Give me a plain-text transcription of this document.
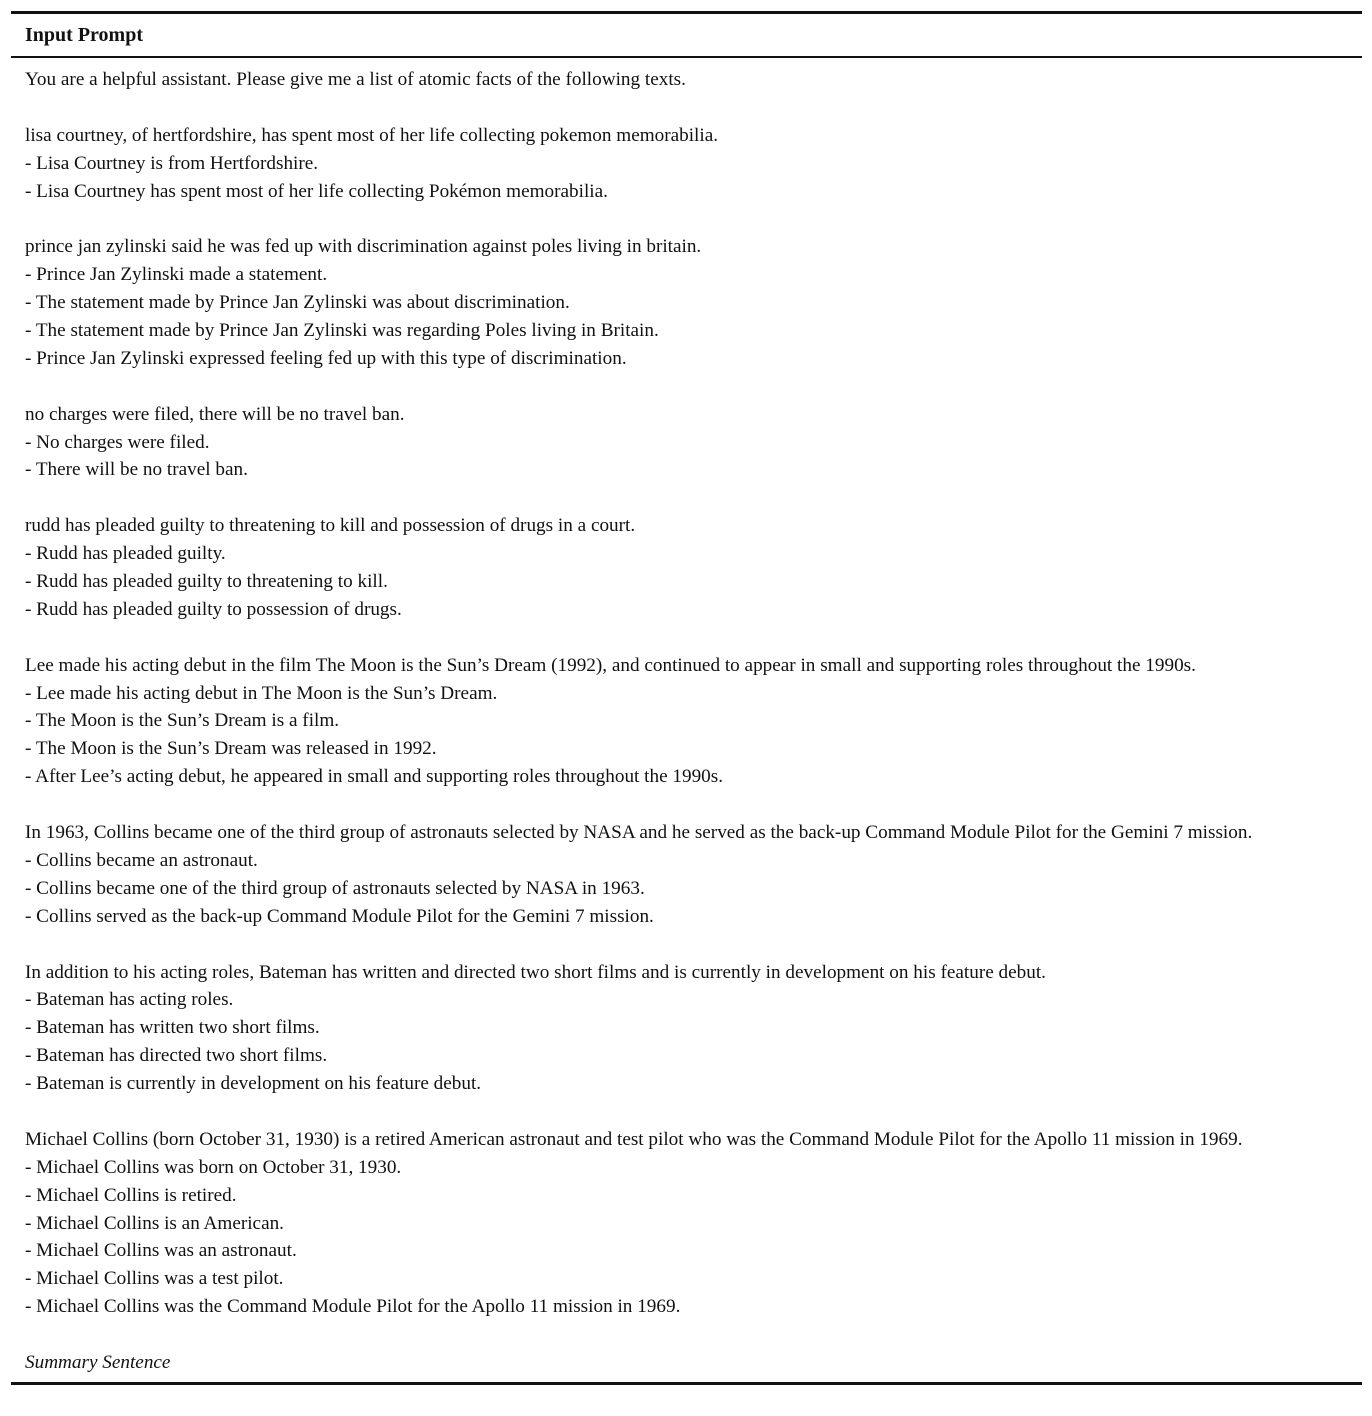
Input Prompt
You are a helpful assistant. Please give me a list of atomic facts of the following texts.
lisa courtney, of hertfordshire, has spent most of her life collecting pokemon memorabilia.
- Lisa Courtney is from Hertfordshire.
- Lisa Courtney has spent most of her life collecting Pokémon memorabilia.
prince jan zylinski said he was fed up with discrimination against poles living in britain.
- Prince Jan Zylinski made a statement.
- The statement made by Prince Jan Zylinski was about discrimination.
- The statement made by Prince Jan Zylinski was regarding Poles living in Britain.
- Prince Jan Zylinski expressed feeling fed up with this type of discrimination.
no charges were filed, there will be no travel ban.
- No charges were filed.
- There will be no travel ban.
rudd has pleaded guilty to threatening to kill and possession of drugs in a court.
- Rudd has pleaded guilty.
- Rudd has pleaded guilty to threatening to kill.
- Rudd has pleaded guilty to possession of drugs.
Lee made his acting debut in the film The Moon is the Sun’s Dream (1992), and continued to appear in small and supporting roles throughout the 1990s.
- Lee made his acting debut in The Moon is the Sun’s Dream.
- The Moon is the Sun’s Dream is a film.
- The Moon is the Sun’s Dream was released in 1992.
- After Lee’s acting debut, he appeared in small and supporting roles throughout the 1990s.
In 1963, Collins became one of the third group of astronauts selected by NASA and he served as the back-up Command Module Pilot for the Gemini 7 mission.
- Collins became an astronaut.
- Collins became one of the third group of astronauts selected by NASA in 1963.
- Collins served as the back-up Command Module Pilot for the Gemini 7 mission.
In addition to his acting roles, Bateman has written and directed two short films and is currently in development on his feature debut.
- Bateman has acting roles.
- Bateman has written two short films.
- Bateman has directed two short films.
- Bateman is currently in development on his feature debut.
Michael Collins (born October 31, 1930) is a retired American astronaut and test pilot who was the Command Module Pilot for the Apollo 11 mission in 1969.
- Michael Collins was born on October 31, 1930.
- Michael Collins is retired.
- Michael Collins is an American.
- Michael Collins was an astronaut.
- Michael Collins was a test pilot.
- Michael Collins was the Command Module Pilot for the Apollo 11 mission in 1969.
Summary Sentence
